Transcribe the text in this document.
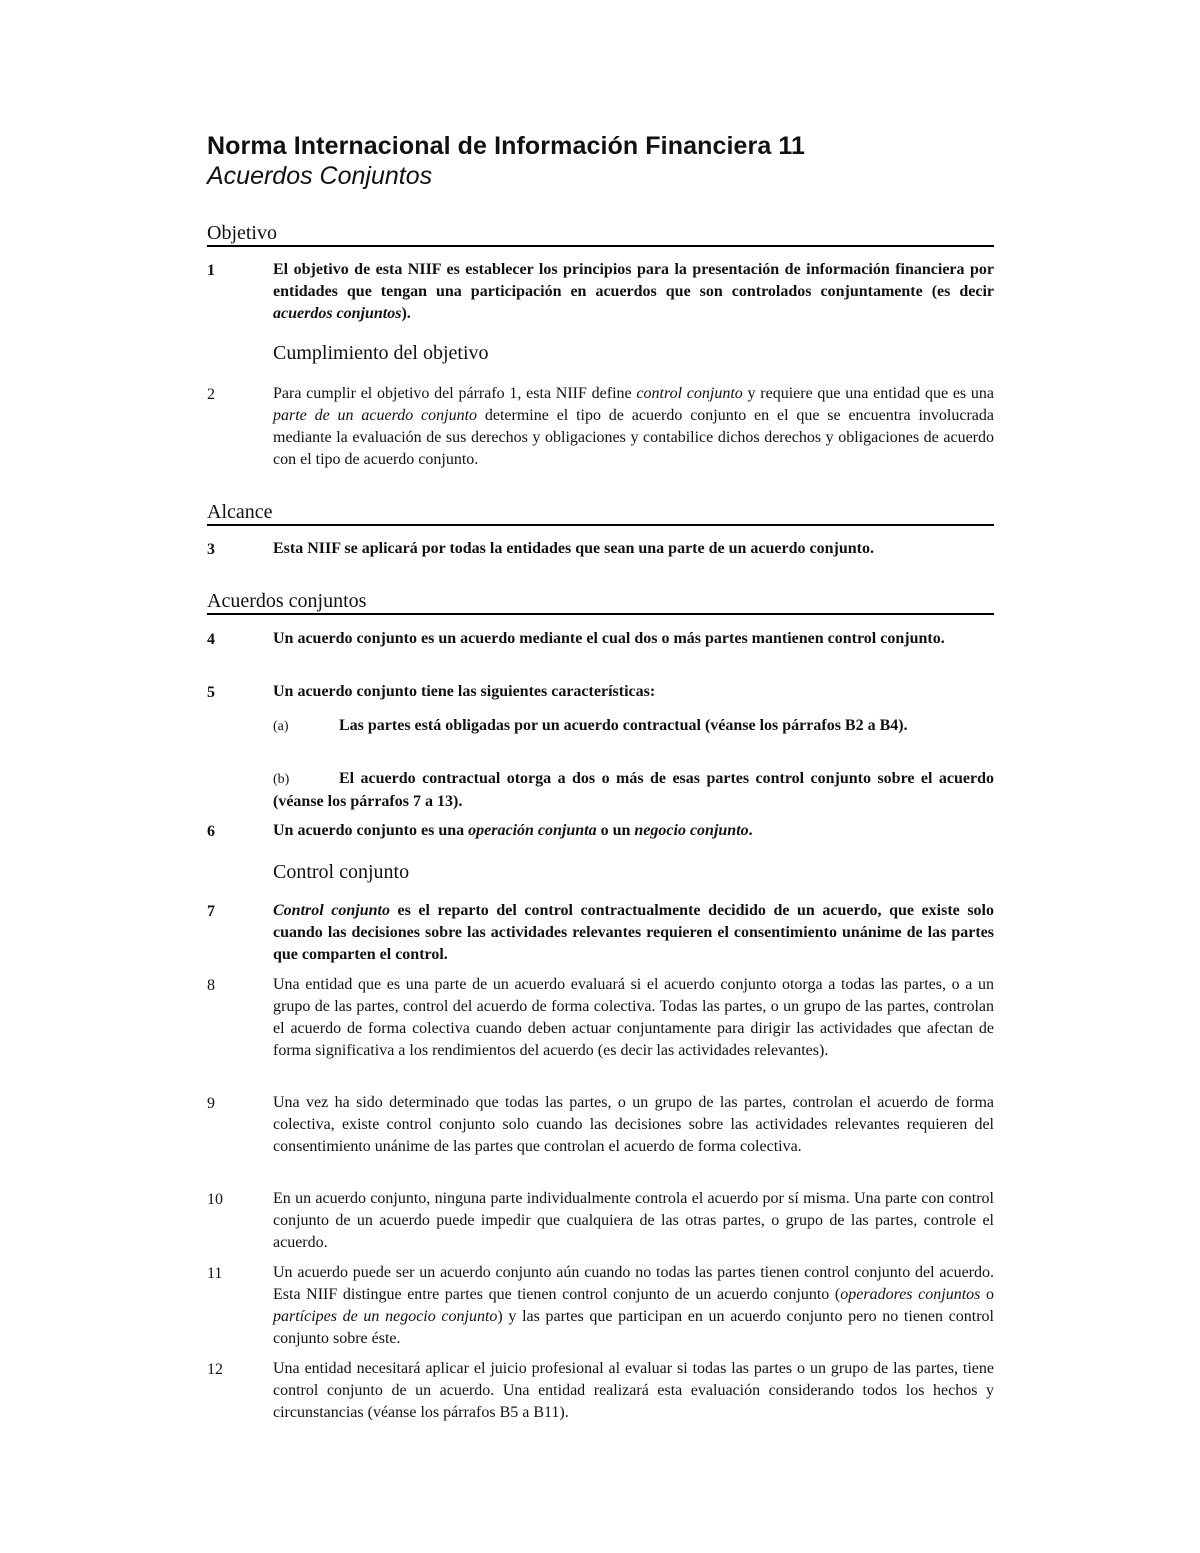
Norma Internacional de Información Financiera 11
Acuerdos Conjuntos
Objetivo
1	El objetivo de esta NIIF es establecer los principios para la presentación de información financiera por entidades que tengan una participación en acuerdos que son controlados conjuntamente (es decir acuerdos conjuntos).
Cumplimiento del objetivo
2	Para cumplir el objetivo del párrafo 1, esta NIIF define control conjunto y requiere que una entidad que es una parte de un acuerdo conjunto determine el tipo de acuerdo conjunto en el que se encuentra involucrada mediante la evaluación de sus derechos y obligaciones y contabilice dichos derechos y obligaciones de acuerdo con el tipo de acuerdo conjunto.
Alcance
3	Esta NIIF se aplicará por todas la entidades que sean una parte de un acuerdo conjunto.
Acuerdos conjuntos
4	Un acuerdo conjunto es un acuerdo mediante el cual dos o más partes mantienen control conjunto.
5	Un acuerdo conjunto tiene las siguientes características:
(a)	Las partes está obligadas por un acuerdo contractual (véanse los párrafos B2 a B4).
(b)	El acuerdo contractual otorga a dos o más de esas partes control conjunto sobre el acuerdo (véanse los párrafos 7 a 13).
6	Un acuerdo conjunto es una operación conjunta o un negocio conjunto.
Control conjunto
7	Control conjunto es el reparto del control contractualmente decidido de un acuerdo, que existe solo cuando las decisiones sobre las actividades relevantes requieren el consentimiento unánime de las partes que comparten el control.
8	Una entidad que es una parte de un acuerdo evaluará si el acuerdo conjunto otorga a todas las partes, o a un grupo de las partes, control del acuerdo de forma colectiva. Todas las partes, o un grupo de las partes, controlan el acuerdo de forma colectiva cuando deben actuar conjuntamente para dirigir las actividades que afectan de forma significativa a los rendimientos del acuerdo (es decir las actividades relevantes).
9	Una vez ha sido determinado que todas las partes, o un grupo de las partes, controlan el acuerdo de forma colectiva, existe control conjunto solo cuando las decisiones sobre las actividades relevantes requieren del consentimiento unánime de las partes que controlan el acuerdo de forma colectiva.
10	En un acuerdo conjunto, ninguna parte individualmente controla el acuerdo por sí misma. Una parte con control conjunto de un acuerdo puede impedir que cualquiera de las otras partes, o grupo de las partes, controle el acuerdo.
11	Un acuerdo puede ser un acuerdo conjunto aún cuando no todas las partes tienen control conjunto del acuerdo. Esta NIIF distingue entre partes que tienen control conjunto de un acuerdo conjunto (operadores conjuntos o partícipes de un negocio conjunto) y las partes que participan en un acuerdo conjunto pero no tienen control conjunto sobre éste.
12	Una entidad necesitará aplicar el juicio profesional al evaluar si todas las partes o un grupo de las partes, tiene control conjunto de un acuerdo. Una entidad realizará esta evaluación considerando todos los hechos y circunstancias (véanse los párrafos B5 a B11).
